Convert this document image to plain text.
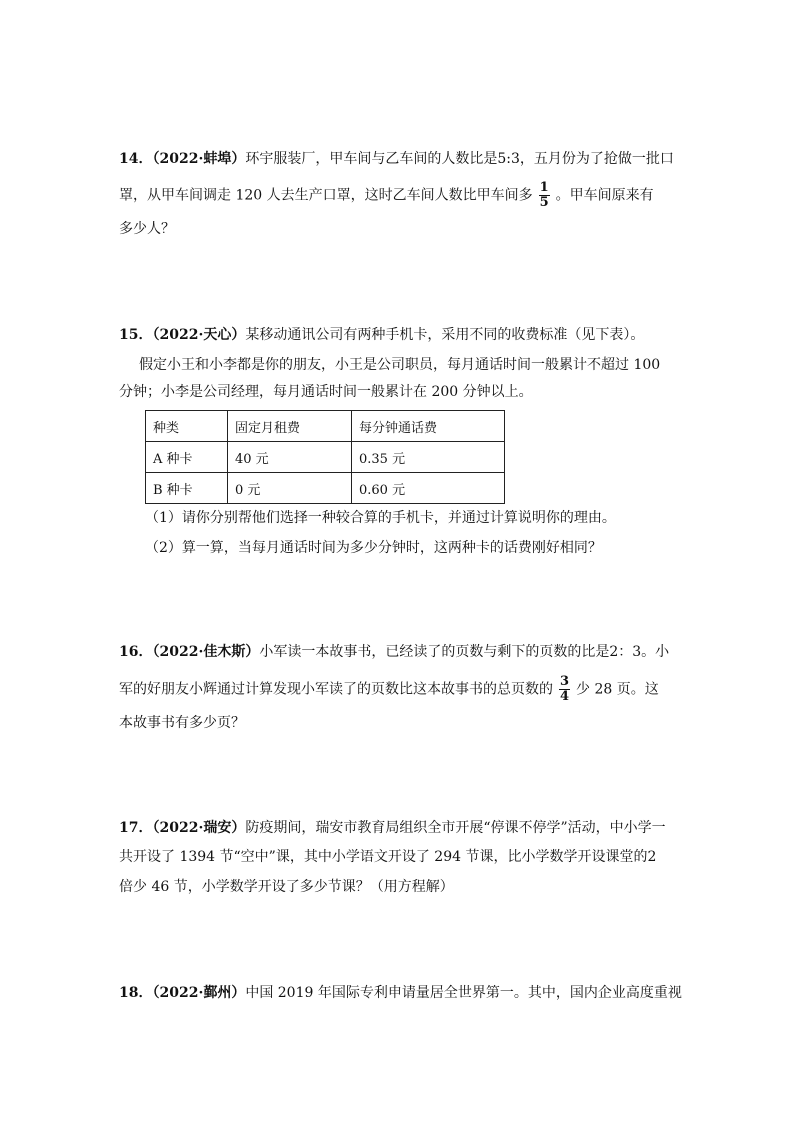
14．（2022·蚌埠）环宇服装厂，甲车间与乙车间的人数比是5:3，五月份为了抢做一批口
罩，从甲车间调走 120 人去生产口罩，这时乙车间人数比甲车间多 $\frac{1}{5}$ 。甲车间原来有
多少人？
15．（2022·天心）某移动通讯公司有两种手机卡，采用不同的收费标准（见下表）。
假定小王和小李都是你的朋友，小王是公司职员，每月通话时间一般累计不超过 100
分钟；小李是公司经理，每月通话时间一般累计在 200 分钟以上。
种类	固定月租费	每分钟通话费
A 种卡	40 元	0.35 元
B 种卡	0 元	0.60 元
（1）请你分别帮他们选择一种较合算的手机卡，并通过计算说明你的理由。
（2）算一算，当每月通话时间为多少分钟时，这两种卡的话费刚好相同？
16．（2022·佳木斯）小军读一本故事书，已经读了的页数与剩下的页数的比是2：3。小
军的好朋友小辉通过计算发现小军读了的页数比这本故事书的总页数的 $\frac{3}{4}$ 少 28 页。这
本故事书有多少页？
17．（2022·瑞安）防疫期间，瑞安市教育局组织全市开展“停课不停学”活动，中小学一
共开设了 1394 节“空中”课，其中小学语文开设了 294 节课，比小学数学开设课堂的2
倍少 46 节，小学数学开设了多少节课？（用方程解）
18．（2022·鄞州）中国 2019 年国际专利申请量居全世界第一。其中，国内企业高度重视
